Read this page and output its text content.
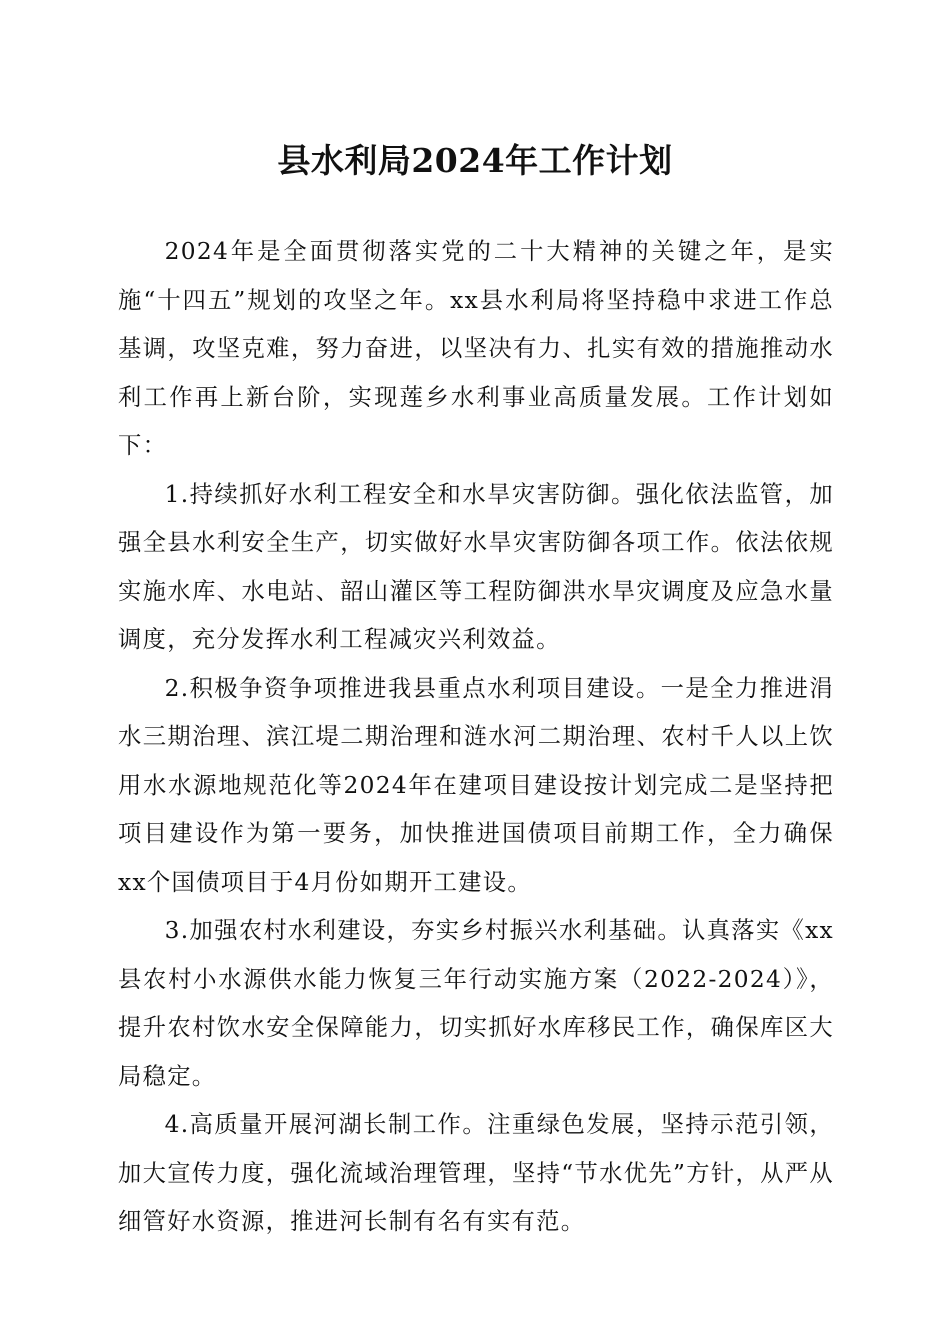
县水利局2024年工作计划

2024年是全面贯彻落实党的二十大精神的关键之年，是实施“十四五”规划的攻坚之年。xx县水利局将坚持稳中求进工作总基调，攻坚克难，努力奋进，以坚决有力、扎实有效的措施推动水利工作再上新台阶，实现莲乡水利事业高质量发展。工作计划如下：

1.持续抓好水利工程安全和水旱灾害防御。强化依法监管，加强全县水利安全生产，切实做好水旱灾害防御各项工作。依法依规实施水库、水电站、韶山灌区等工程防御洪水旱灾调度及应急水量调度，充分发挥水利工程减灾兴利效益。

2.积极争资争项推进我县重点水利项目建设。一是全力推进涓水三期治理、滨江堤二期治理和涟水河二期治理、农村千人以上饮用水水源地规范化等2024年在建项目建设按计划完成二是坚持把项目建设作为第一要务，加快推进国债项目前期工作，全力确保xx个国债项目于4月份如期开工建设。

3.加强农村水利建设，夯实乡村振兴水利基础。认真落实《xx县农村小水源供水能力恢复三年行动实施方案（2022-2024）》，提升农村饮水安全保障能力，切实抓好水库移民工作，确保库区大局稳定。

4.高质量开展河湖长制工作。注重绿色发展，坚持示范引领，加大宣传力度，强化流域治理管理，坚持“节水优先”方针，从严从细管好水资源，推进河长制有名有实有范。
